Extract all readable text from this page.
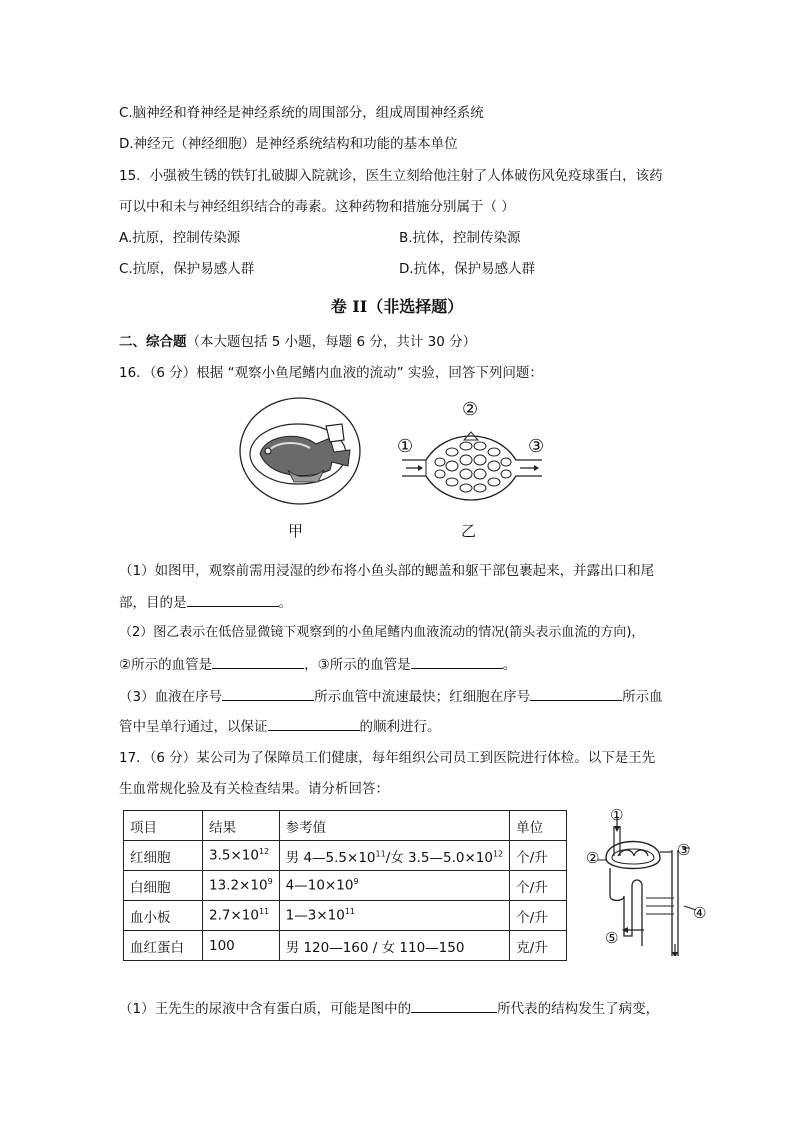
C.脑神经和脊神经是神经系统的周围部分，组成周围神经系统
D.神经元（神经细胞）是神经系统结构和功能的基本单位
15．小强被生锈的铁钉扎破脚入院就诊，医生立刻给他注射了人体破伤风免疫球蛋白，该药
可以中和未与神经组织结合的毒素。这种药物和措施分别属于（ ）
A.抗原，控制传染源	B.抗体，控制传染源
C.抗原，保护易感人群	D.抗体，保护易感人群
卷 II（非选择题）
二、综合题（本大题包括 5 小题，每题 6 分，共计 30 分）
16．（6 分）根据 “观察小鱼尾鳍内血液的流动” 实验，回答下列问题：
甲
①
②
③
乙
（1）如图甲，观察前需用浸湿的纱布将小鱼头部的鳃盖和躯干部包裹起来，并露出口和尾
部，目的是	。
（2）图乙表示在低倍显微镜下观察到的小鱼尾鳍内血液流动的情况(箭头表示血流的方向)，
②所示的血管是	，③所示的血管是	。
（3）血液在序号	所示血管中流速最快；红细胞在序号	所示血
管中呈单行通过，以保证	的顺利进行。
17．（6 分）某公司为了保障员工们健康，每年组织公司员工到医院进行体检。以下是王先
生血常规化验及有关检查结果。请分析回答：
项目	结果	参考值	单位
红细胞	$3.5\times 10^{12}$	男 $4—5.5\times 10^{11}/$女 $3.5—5.0\times 10^{12}$	个/升
白细胞	$13.2\times 10^9$	$4—10\times 10^9$	个/升
血小板	$2.7\times 10^{11}$	$1—3\times 10^{11}$	个/升
血红蛋白	100	男 120—160 / 女 110—150	克/升
①
②	③
④
⑤
（1）王先生的尿液中含有蛋白质，可能是图中的	所代表的结构发生了病变，
